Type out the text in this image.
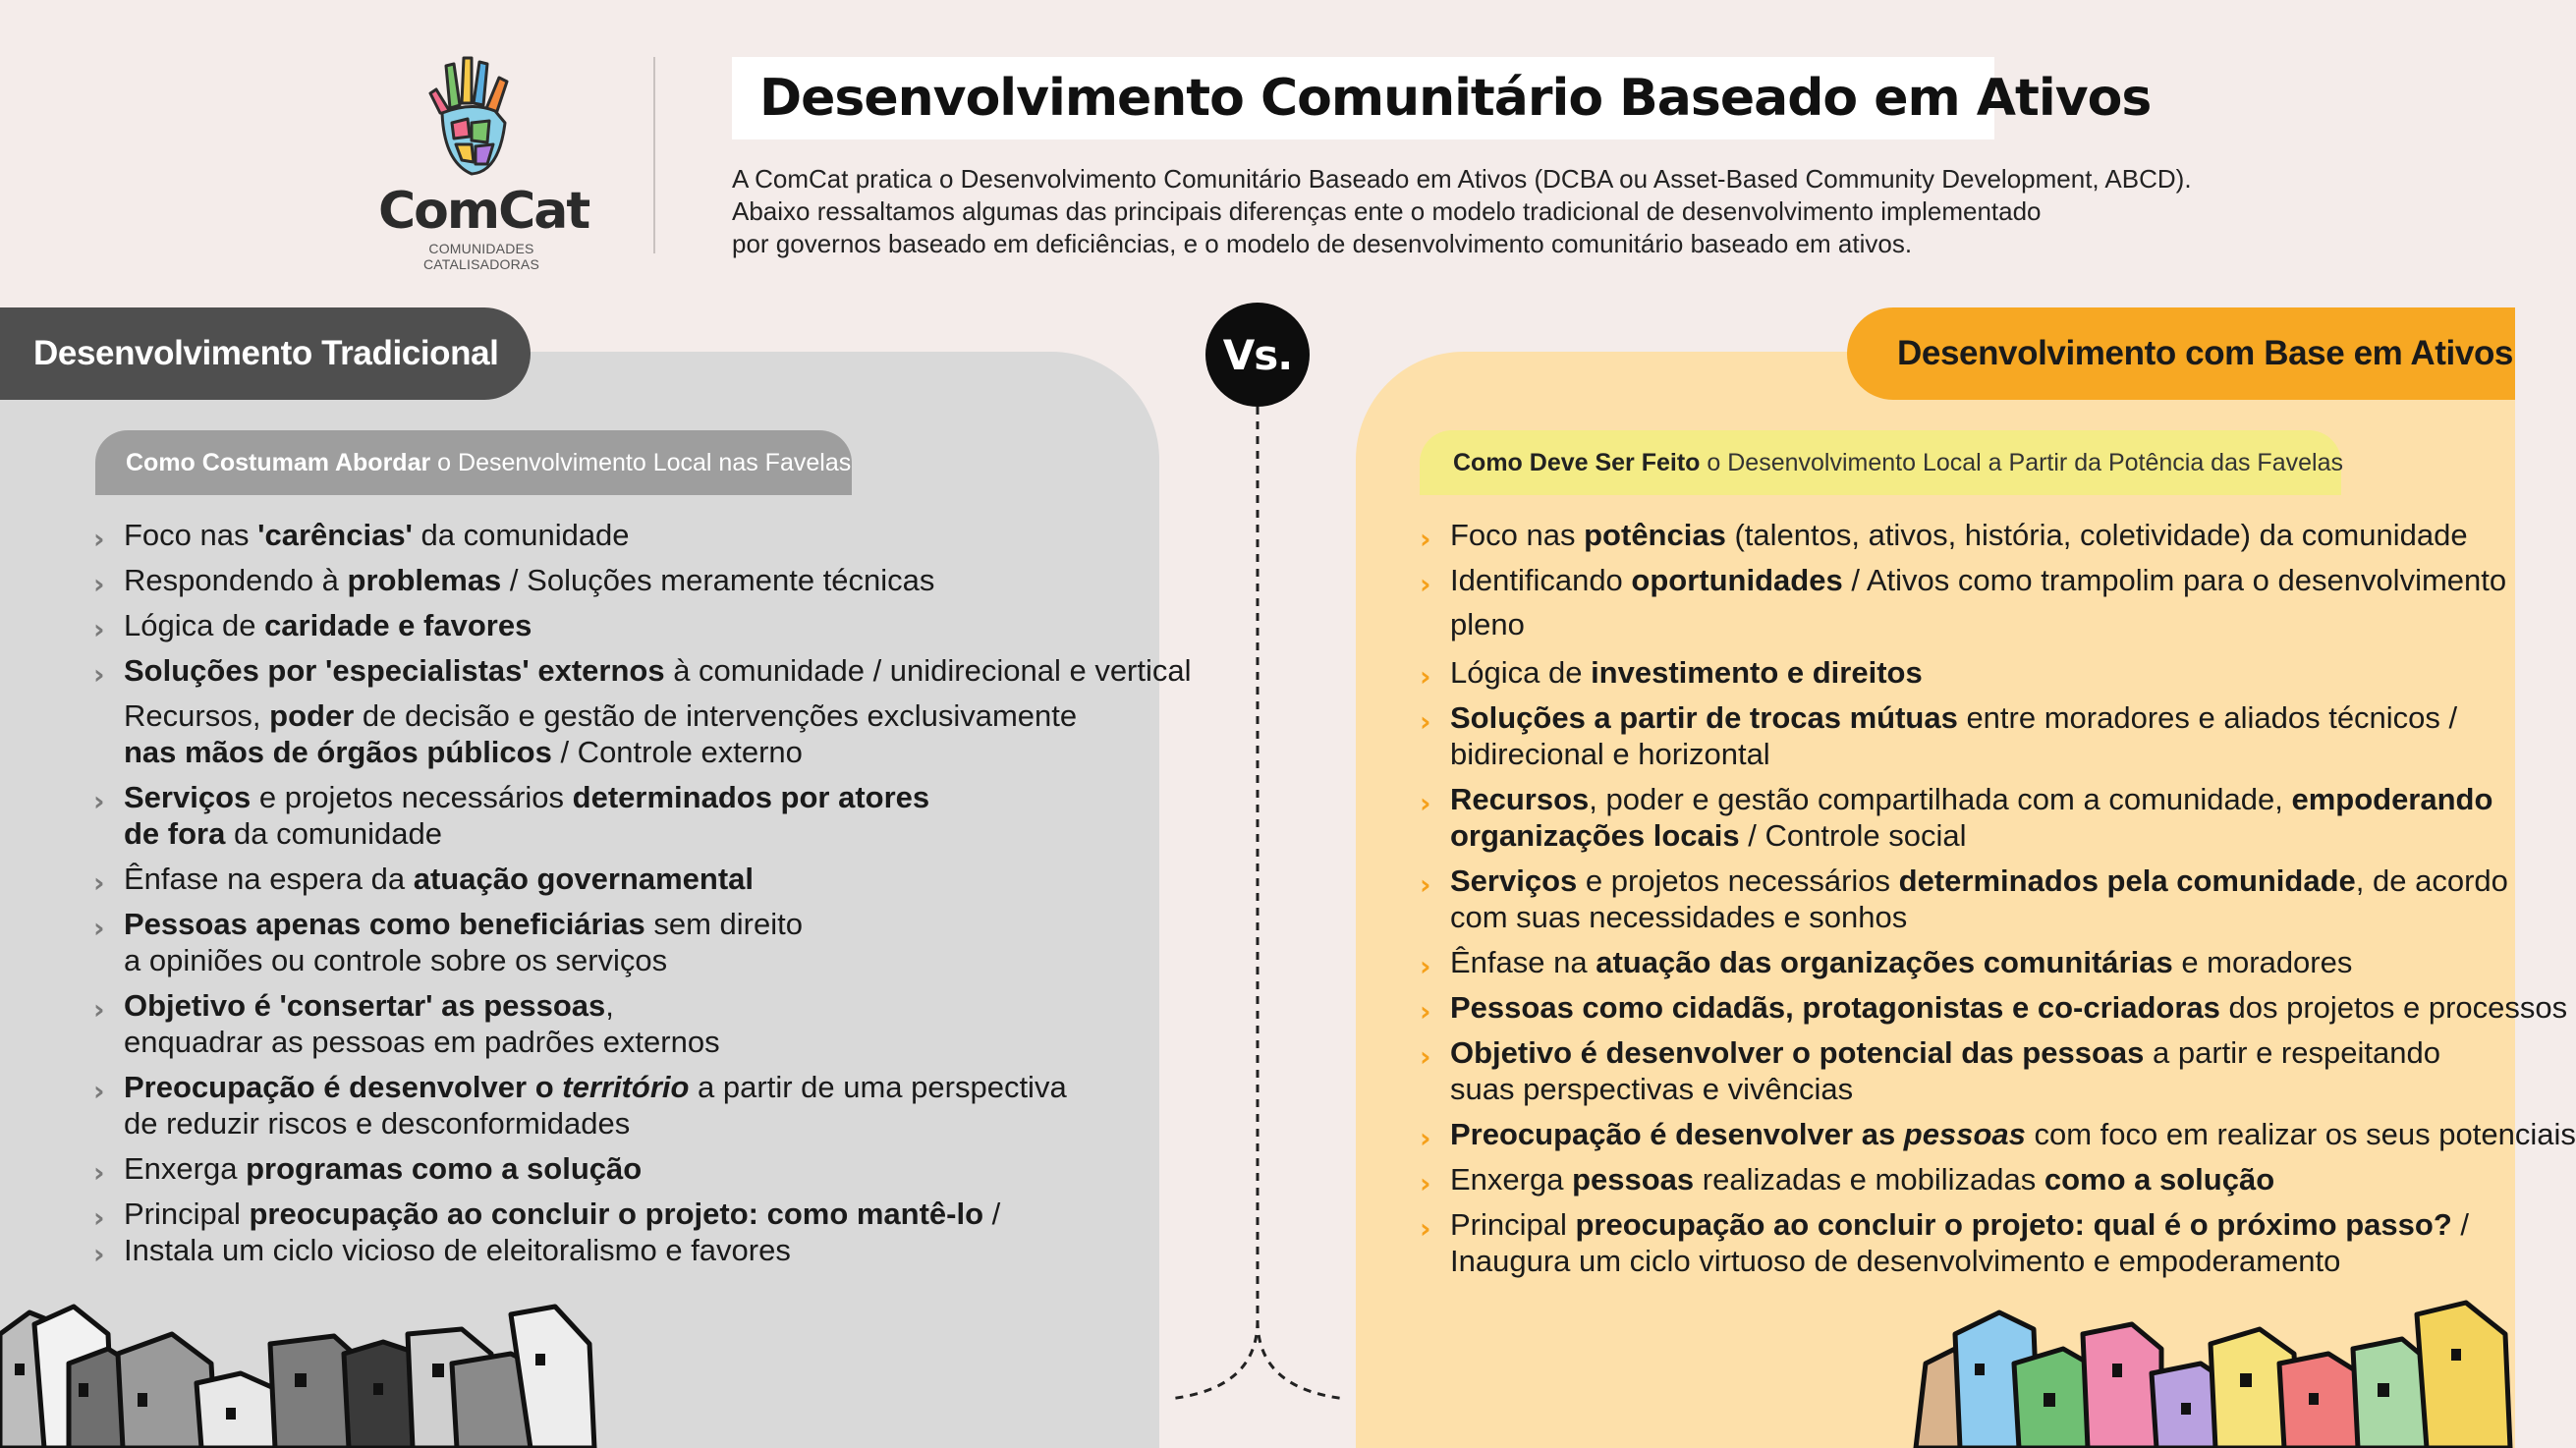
ComCat
COMUNIDADES CATALISADORAS
Desenvolvimento Comunitário Baseado em Ativos
A ComCat pratica o Desenvolvimento Comunitário Baseado em Ativos (DCBA ou Asset-Based Community Development, ABCD).
Abaixo ressaltamos algumas das principais diferenças ente o modelo tradicional de desenvolvimento implementado
por governos baseado em deficiências, e o modelo de desenvolvimento comunitário baseado em ativos.
Desenvolvimento Tradicional	Desenvolvimento com Base em Ativos
Como Costumam Abordar o Desenvolvimento Local nas Favelas	Como Deve Ser Feito o Desenvolvimento Local a Partir da Potência das Favelas
Vs.
› Foco nas 'carências' da comunidade
› Respondendo à problemas / Soluções meramente técnicas
› Lógica de caridade e favores
› Soluções por 'especialistas' externos à comunidade / unidirecional e vertical
Recursos, poder de decisão e gestão de intervenções exclusivamente
nas mãos de órgãos públicos / Controle externo
› Serviços e projetos necessários determinados por atores
de fora da comunidade
› Ênfase na espera da atuação governamental
› Pessoas apenas como beneficiárias sem direito
a opiniões ou controle sobre os serviços
› Objetivo é 'consertar' as pessoas,
enquadrar as pessoas em padrões externos
› Preocupação é desenvolver o território a partir de uma perspectiva
de reduzir riscos e desconformidades
› Enxerga programas como a solução
›
›
Principal preocupação ao concluir o projeto: como mantê-lo /
Instala um ciclo vicioso de eleitoralismo e favores
› Foco nas potências (talentos, ativos, história, coletividade) da comunidade
› Identificando oportunidades / Ativos como trampolim para o desenvolvimento
pleno
› Lógica de investimento e direitos
› Soluções a partir de trocas mútuas entre moradores e aliados técnicos /
bidirecional e horizontal
› Recursos, poder e gestão compartilhada com a comunidade, empoderando
organizações locais / Controle social
› Serviços e projetos necessários determinados pela comunidade, de acordo
com suas necessidades e sonhos
› Ênfase na atuação das organizações comunitárias e moradores
› Pessoas como cidadãs, protagonistas e co-criadoras dos projetos e processos
› Objetivo é desenvolver o potencial das pessoas a partir e respeitando
suas perspectivas e vivências
› Preocupação é desenvolver as pessoas com foco em realizar os seus potenciais
› Enxerga pessoas realizadas e mobilizadas como a solução
› Principal preocupação ao concluir o projeto: qual é o próximo passo? /
Inaugura um ciclo virtuoso de desenvolvimento e empoderamento
